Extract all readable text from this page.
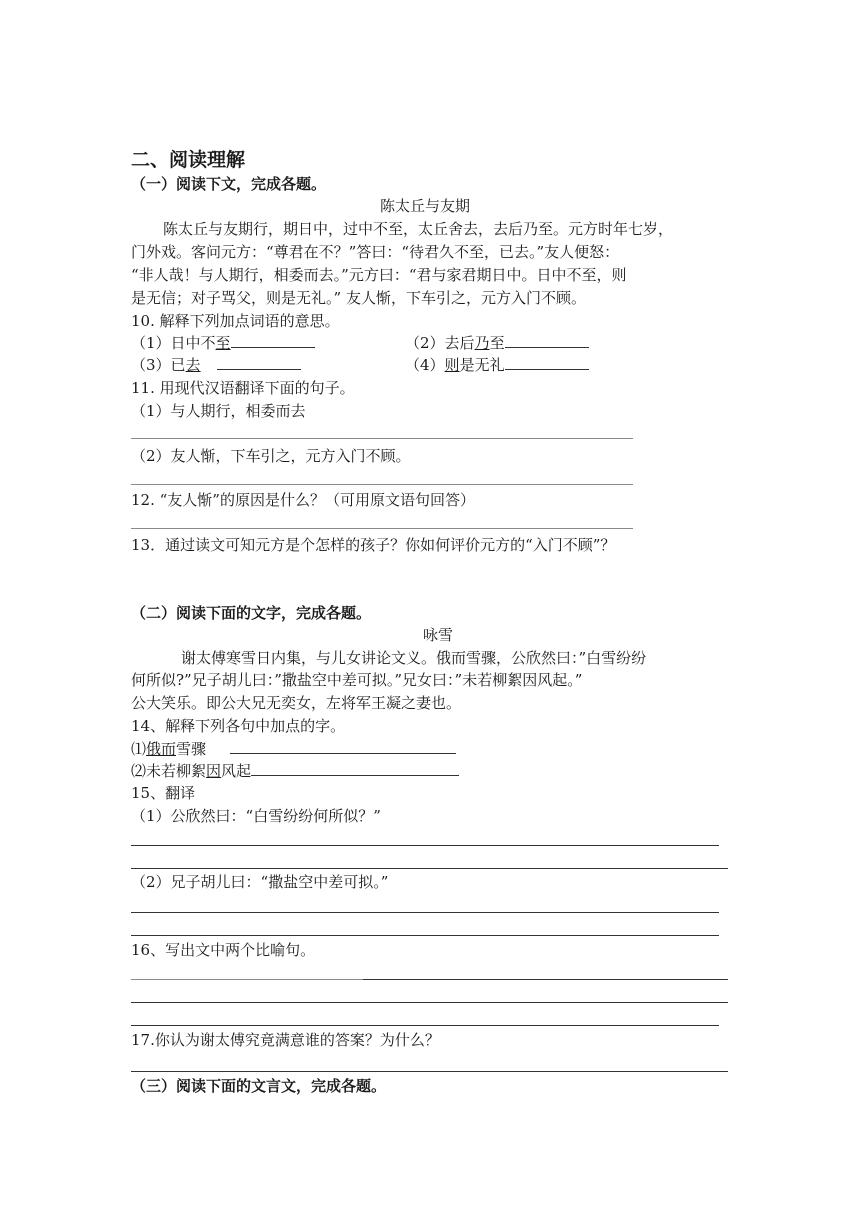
二、阅读理解
（一）阅读下文，完成各题。
陈太丘与友期
陈太丘与友期行，期日中，过中不至，太丘舍去，去后乃至。元方时年七岁，
门外戏。客问元方：“尊君在不？”答曰：“待君久不至，已去。”友人便怒：
“非人哉！与人期行，相委而去。”元方曰：“君与家君期日中。日中不至，则
是无信；对子骂父，则是无礼。” 友人惭，下车引之，元方入门不顾。
10. 解释下列加点词语的意思。
（1）日中不至	（2）去后乃至
（3）已去	（4）则是无礼
11. 用现代汉语翻译下面的句子。
（1）与人期行，相委而去
（2）友人惭，下车引之，元方入门不顾。
12. “友人惭”的原因是什么？（可用原文语句回答）
13．通过读文可知元方是个怎样的孩子？你如何评价元方的“入门不顾”？
（二）阅读下面的文字，完成各题。
咏雪
谢太傅寒雪日内集，与儿女讲论文义。俄而雪骤，公欣然曰：”白雪纷纷
何所似?”兄子胡儿曰：”撒盐空中差可拟。”兄女曰：”未若柳絮因风起。”
公大笑乐。即公大兄无奕女，左将军王凝之妻也。
14、解释下列各句中加点的字。
⑴俄而雪骤
⑵未若柳絮因风起
15、翻译
（1）公欣然曰：“白雪纷纷何所似？”
（2）兄子胡儿曰：“撒盐空中差可拟。”
16、写出文中两个比喻句。
17.你认为谢太傅究竟满意谁的答案？为什么？
（三）阅读下面的文言文，完成各题。
